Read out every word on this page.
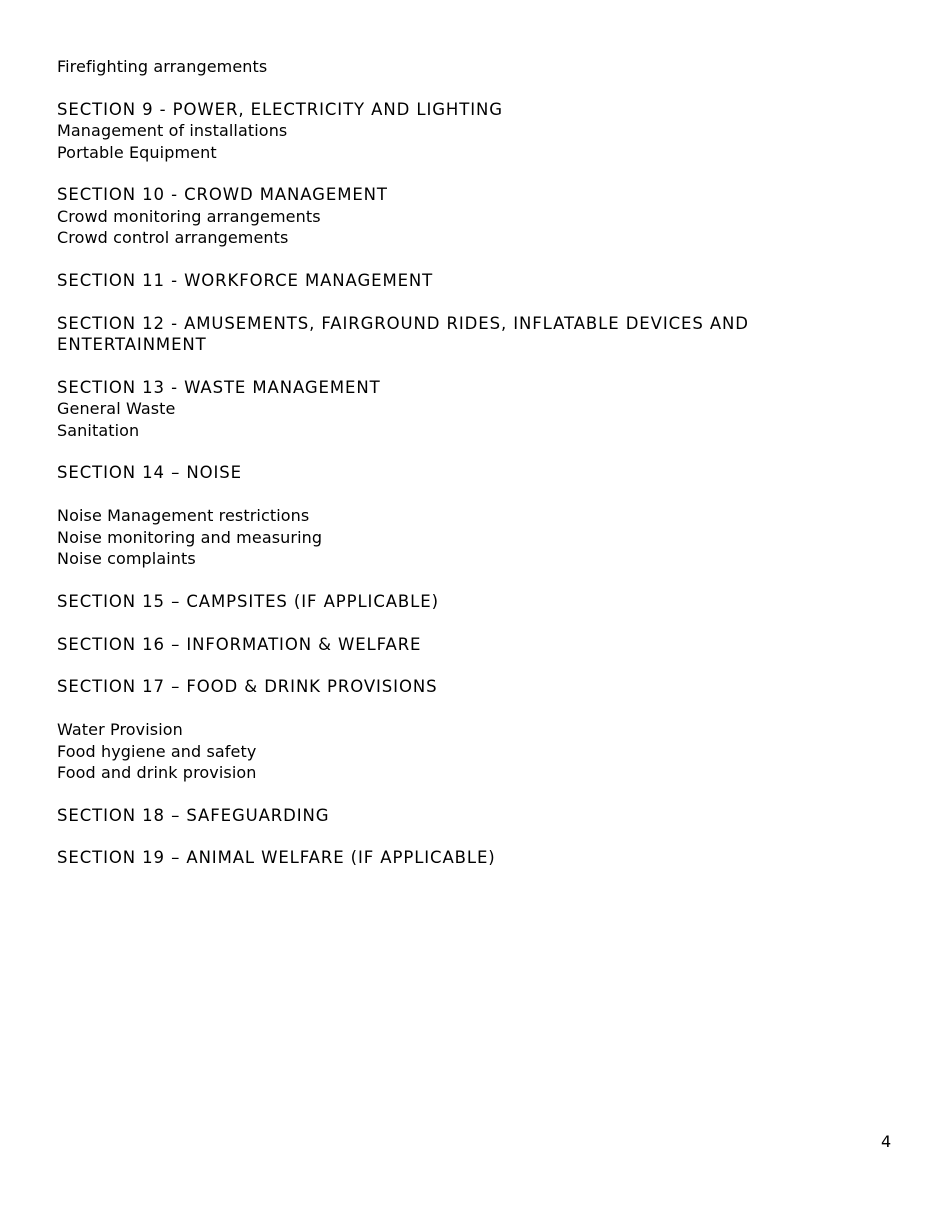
Firefighting arrangements
SECTION 9 - POWER, ELECTRICITY AND LIGHTING
Management of installations
Portable Equipment
SECTION 10 - CROWD MANAGEMENT
Crowd monitoring arrangements
Crowd control arrangements
SECTION 11 - WORKFORCE MANAGEMENT
SECTION 12 - AMUSEMENTS, FAIRGROUND RIDES, INFLATABLE DEVICES AND ENTERTAINMENT
SECTION 13 - WASTE MANAGEMENT
General Waste
Sanitation
SECTION 14 – NOISE
Noise Management restrictions
Noise monitoring and measuring
Noise complaints
SECTION 15 – CAMPSITES (IF APPLICABLE)
SECTION 16 – INFORMATION & WELFARE
SECTION 17 – FOOD & DRINK PROVISIONS
Water Provision
Food hygiene and safety
Food and drink provision
SECTION 18 – SAFEGUARDING
SECTION 19 – ANIMAL WELFARE (IF APPLICABLE)
4
